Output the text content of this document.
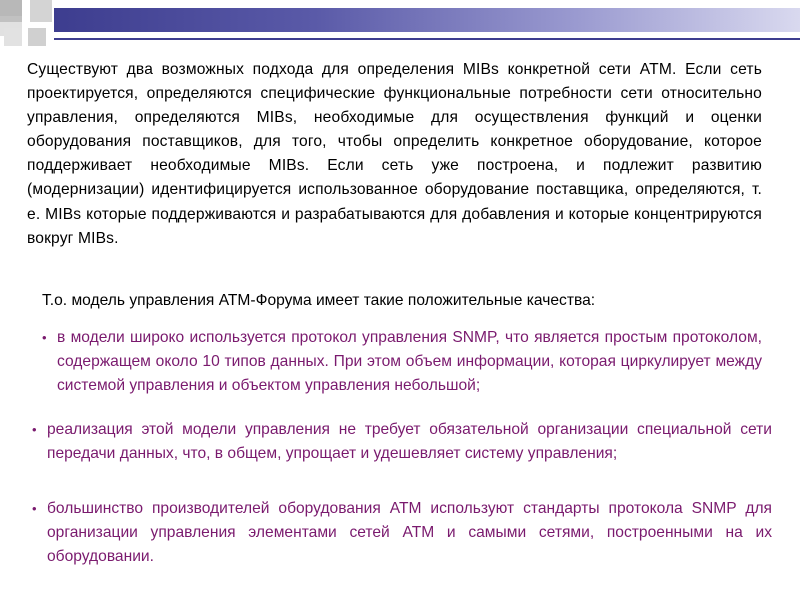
Существуют два возможных подхода для определения MIBs конкретной сети ATM. Если сеть проектируется, определяются специфические функциональные потребности сети относительно управления, определяются MIBs, необходимые для осуществления функций и оценки оборудования поставщиков, для того, чтобы определить конкретное оборудование, которое поддерживает необходимые MIBs. Если сеть уже построена, и подлежит развитию (модернизации) идентифицируется использованное оборудование поставщика, определяются, т. е. MIBs которые поддерживаются и разрабатываются для добавления и которые концентрируются вокруг MIBs.
Т.о. модель управления АТМ-Форума имеет такие положительные качества:
• в модели широко используется протокол управления SNMP, что является простым протоколом, содержащем около 10 типов данных. При этом объем информации, которая циркулирует между системой управления и объектом управления небольшой;
• реализация этой модели управления не требует обязательной организации специальной сети передачи данных, что, в общем, упрощает и удешевляет систему управления;
• большинство производителей оборудования ATM используют стандарты протокола SNMP для организации управления элементами сетей ATM и самыми сетями, построенными на их оборудовании.
